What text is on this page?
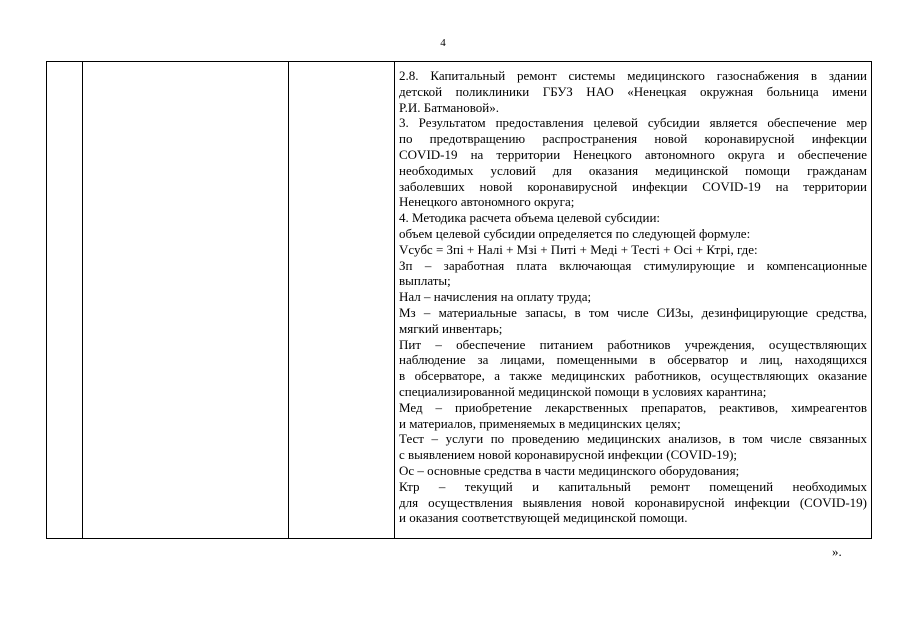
4
2.8. Капитальный ремонт системы медицинского газоснабжения в здании
детской поликлиники ГБУЗ НАО «Ненецкая окружная больница имени
Р.И. Батмановой».
3. Результатом предоставления целевой субсидии является обеспечение мер
по предотвращению распространения новой коронавирусной инфекции
COVID-19 на территории Ненецкого автономного округа и обеспечение
необходимых условий для оказания медицинской помощи гражданам
заболевших новой коронавирусной инфекции COVID-19 на территории
Ненецкого автономного округа;
4. Методика расчета объема целевой субсидии:
объем целевой субсидии определяется по следующей формуле:
Vсубс = Зпi + Налi + Мзi + Питi + Медi + Тестi + Осi + Ктрi, где:
Зп – заработная плата включающая стимулирующие и компенсационные
выплаты;
Нал – начисления на оплату труда;
Мз – материальные запасы, в том числе СИЗы, дезинфицирующие средства,
мягкий инвентарь;
Пит – обеспечение питанием работников учреждения, осуществляющих
наблюдение за лицами, помещенными в обсерватор и лиц, находящихся
в обсерваторе, а также медицинских работников, осуществляющих оказание
специализированной медицинской помощи в условиях карантина;
Мед – приобретение лекарственных препаратов, реактивов, химреагентов
и материалов, применяемых в медицинских целях;
Тест – услуги по проведению медицинских анализов, в том числе связанных
с выявлением новой коронавирусной инфекции (COVID-19);
Ос – основные средства в части медицинского оборудования;
Ктр – текущий и капитальный ремонт помещений необходимых
для осуществления выявления новой коронавирусной инфекции (COVID-19)
и оказания соответствующей медицинской помощи.
».
